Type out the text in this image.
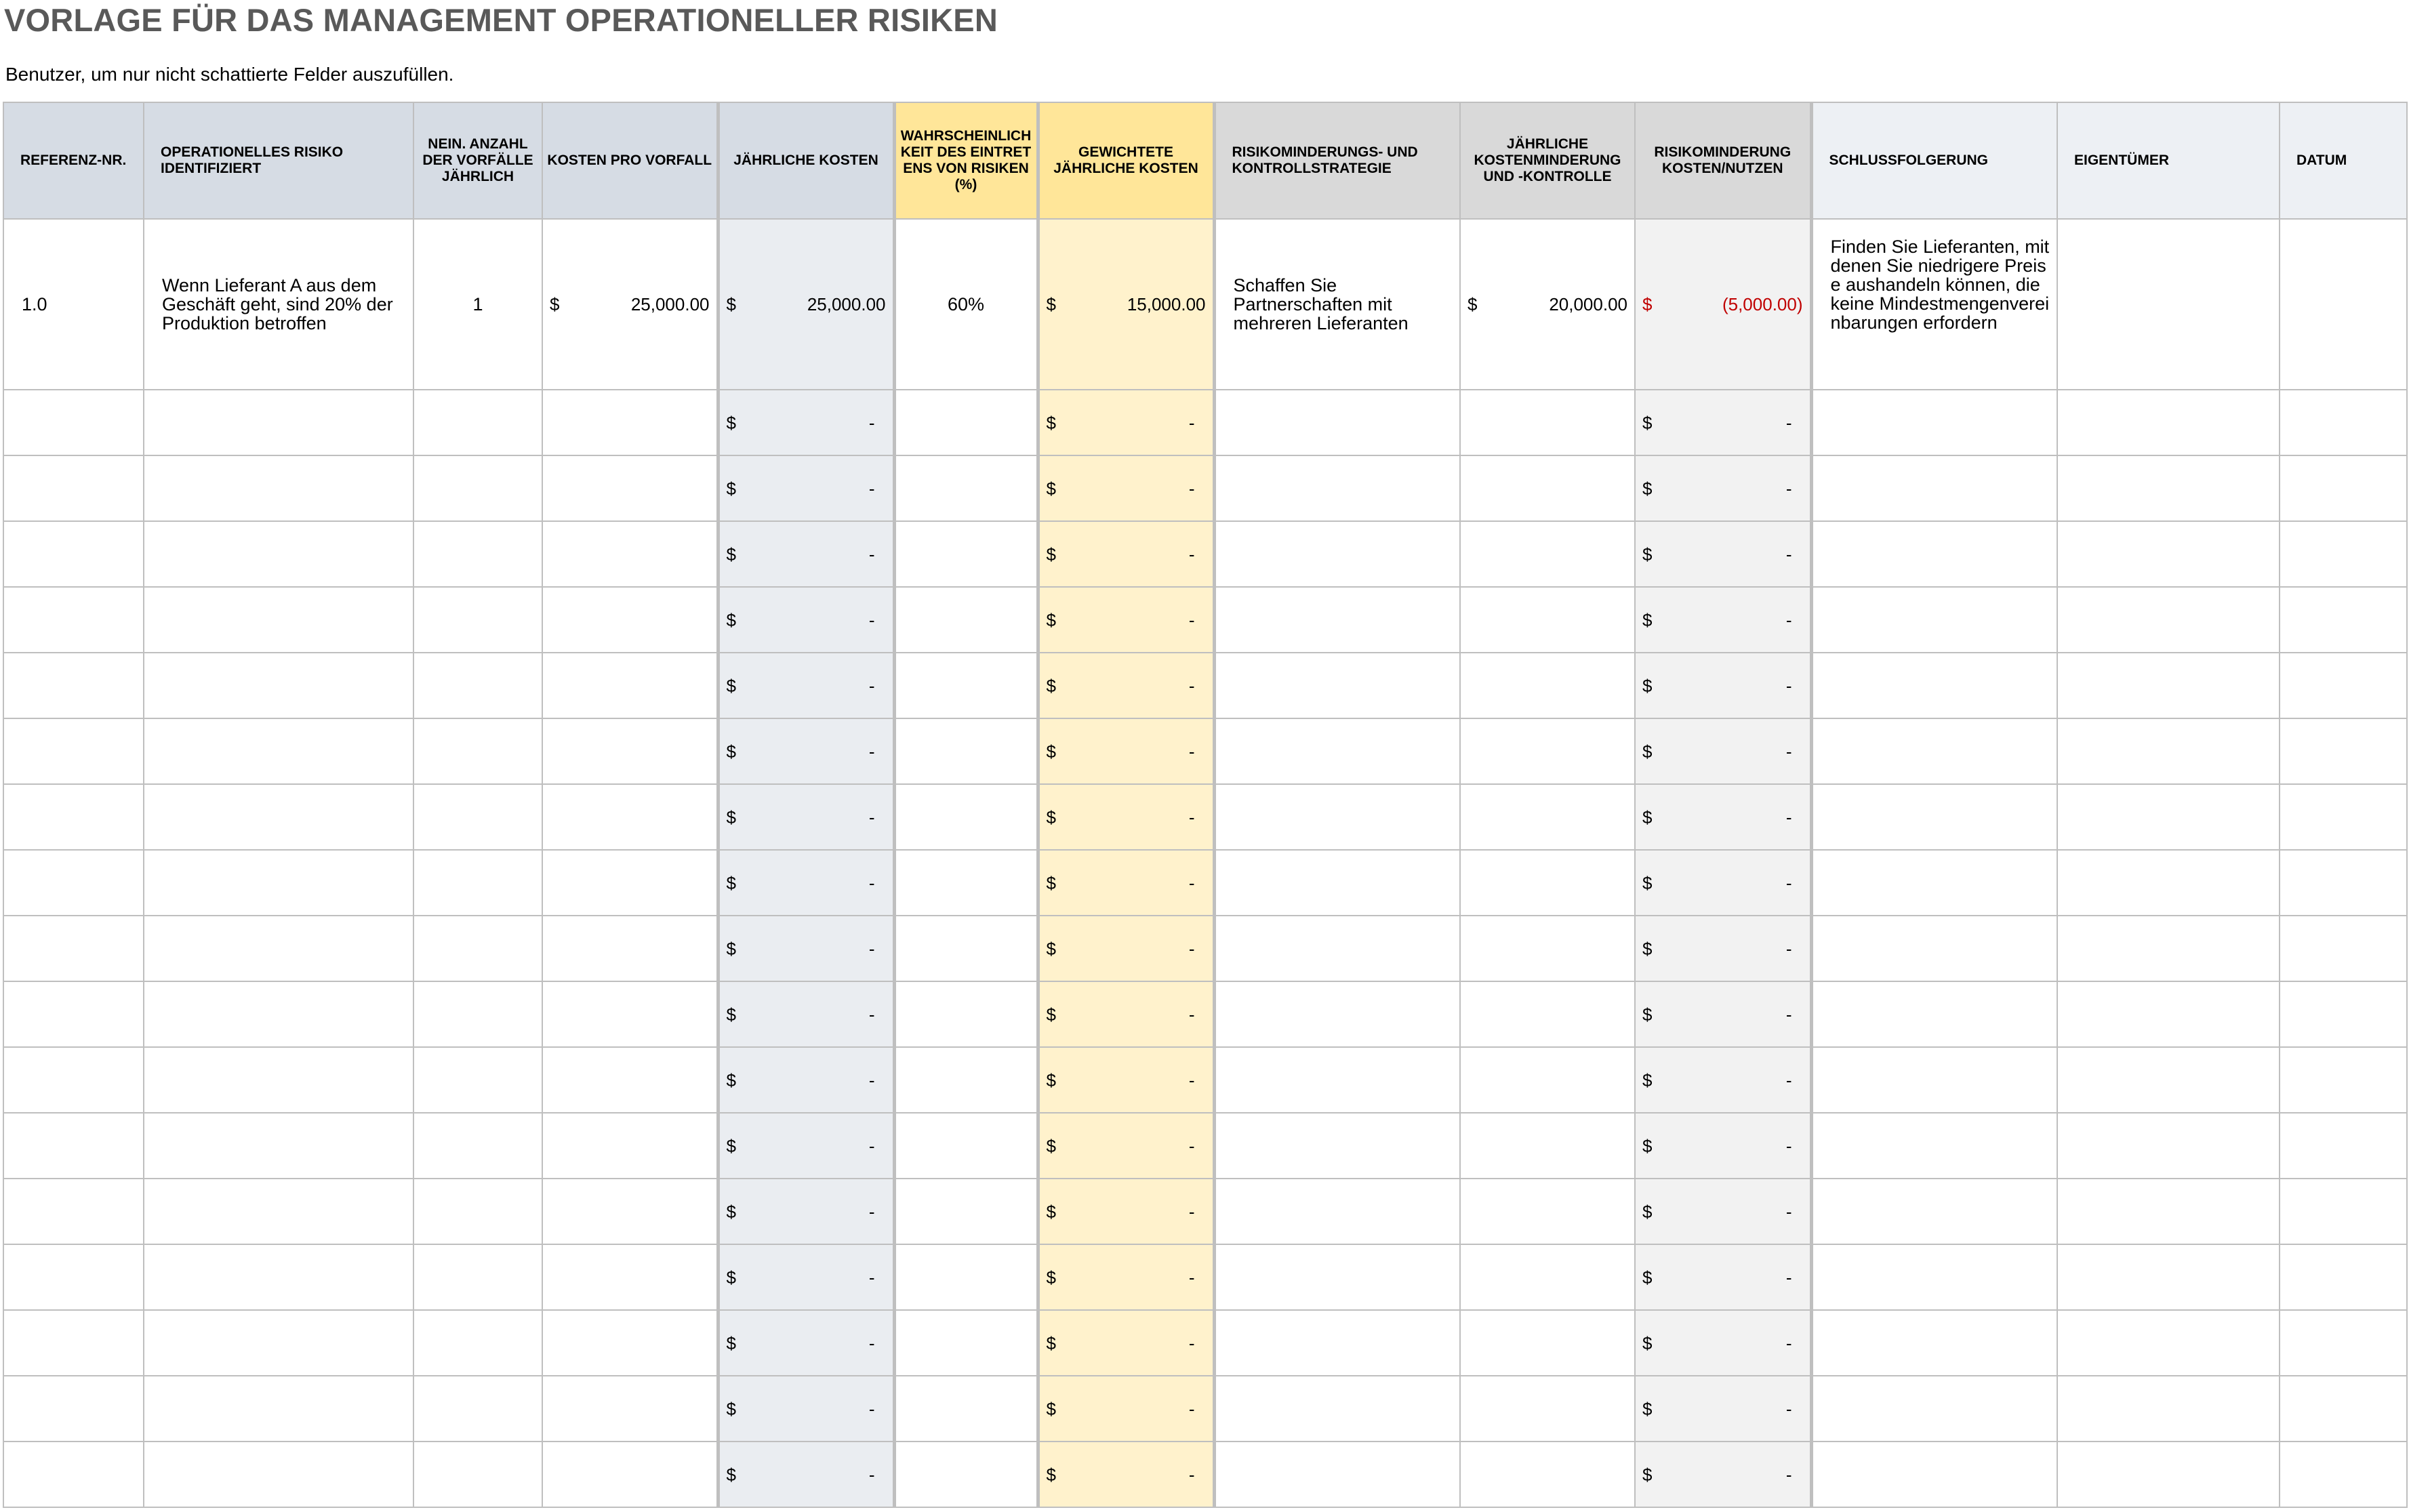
VORLAGE FÜR DAS MANAGEMENT OPERATIONELLER RISIKEN
Benutzer, um nur nicht schattierte Felder auszufüllen.
REFERENZ-NR.	OPERATIONELLES RISIKO IDENTIFIZIERT	NEIN. ANZAHL DER VORFÄLLE JÄHRLICH	KOSTEN PRO VORFALL	JÄHRLICHE KOSTEN	WAHRSCHEINLICHKEIT DES EINTRETENS VON RISIKEN (%)	GEWICHTETE JÄHRLICHE KOSTEN	RISIKOMINDERUNGS- UND KONTROLLSTRATEGIE	JÄHRLICHE KOSTENMINDERUNG UND -KONTROLLE	RISIKOMINDERUNG KOSTEN/NUTZEN	SCHLUSSFOLGERUNG	EIGENTÜMER	DATUM
1.0	Wenn Lieferant A aus dem Geschäft geht, sind 20% der Produktion betroffen	1	$ 25,000.00	$ 25,000.00	60%	$ 15,000.00	Schaffen Sie Partnerschaften mit mehreren Lieferanten	$ 20,000.00	$ (5,000.00)	Finden Sie Lieferanten, mit denen Sie niedrigere Preise aushandeln können, die keine Mindestmengenvereinbarungen erfordern		

				$ -		$ -			$ -			

				$ -		$ -			$ -			

				$ -		$ -			$ -			

				$ -		$ -			$ -			

				$ -		$ -			$ -			

				$ -		$ -			$ -			

				$ -		$ -			$ -			

				$ -		$ -			$ -			

				$ -		$ -			$ -			

				$ -		$ -			$ -			

				$ -		$ -			$ -			

				$ -		$ -			$ -			

				$ -		$ -			$ -			

				$ -		$ -			$ -			

				$ -		$ -			$ -			

				$ -		$ -			$ -			

				$ -		$ -			$ -			
